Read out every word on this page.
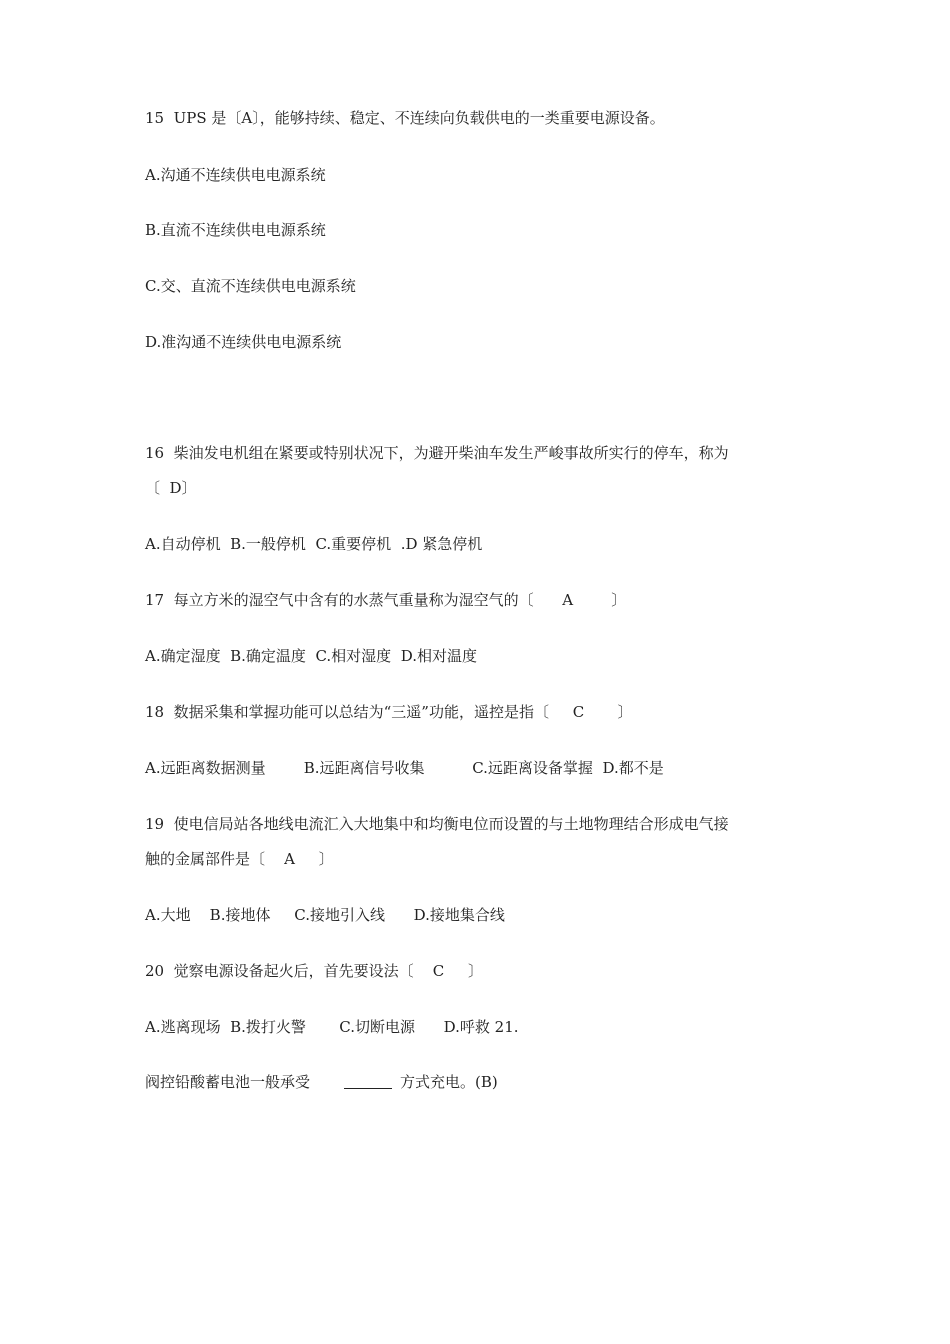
15  UPS 是〔A〕，能够持续、稳定、不连续向负载供电的一类重要电源设备。
A.沟通不连续供电电源系统
B.直流不连续供电电源系统
C.交、直流不连续供电电源系统
D.准沟通不连续供电电源系统
16  柴油发电机组在紧要或特别状况下，为避开柴油车发生严峻事故所实行的停车，称为
〔  D〕
A.自动停机  B.一般停机  C.重要停机  .D 紧急停机
17  每立方米的湿空气中含有的水蒸气重量称为湿空气的〔      A        〕
A.确定湿度  B.确定温度  C.相对湿度  D.相对温度
18  数据采集和掌握功能可以总结为“三遥”功能，遥控是指〔     C       〕
A.远距离数据测量        B.远距离信号收集          C.远距离设备掌握  D.都不是
19  使电信局站各地线电流汇入大地集中和均衡电位而设置的与土地物理结合形成电气接
触的金属部件是〔    A     〕
A.大地    B.接地体     C.接地引入线      D.接地集合线
20  觉察电源设备起火后，首先要设法〔    C     〕
A.逃离现场  B.拨打火警       C.切断电源      D.呼救 21.
阀控铅酸蓄电池一般承受	方式充电。(B)
